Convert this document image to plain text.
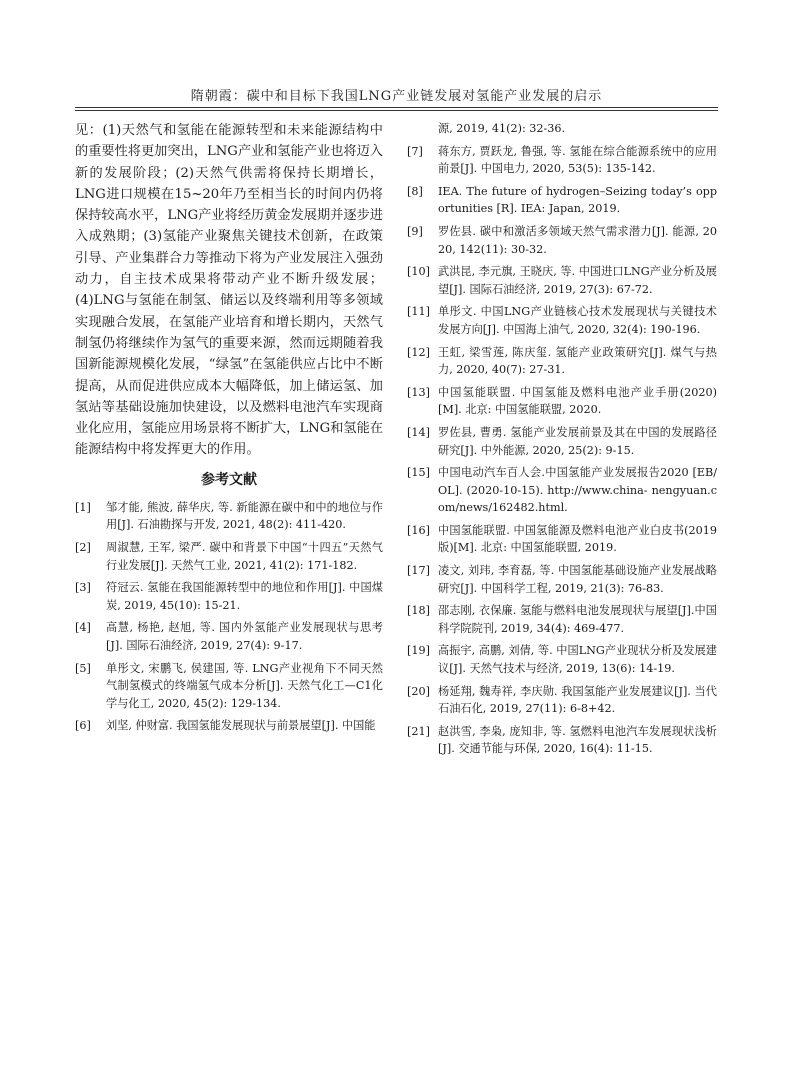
隋朝霞：碳中和目标下我国LNG产业链发展对氢能产业发展的启示

见：(1)天然气和氢能在能源转型和未来能源结构中的重要性将更加突出，LNG产业和氢能产业也将迈入新的发展阶段；(2)天然气供需将保持长期增长，LNG进口规模在15~20年乃至相当长的时间内仍将保持较高水平，LNG产业将经历黄金发展期并逐步进入成熟期；(3)氢能产业聚焦关键技术创新，在政策引导、产业集群合力等推动下将为产业发展注入强劲动力，自主技术成果将带动产业不断升级发展；(4)LNG与氢能在制氢、储运以及终端利用等多领域实现融合发展，在氢能产业培育和增长期内，天然气制氢仍将继续作为氢气的重要来源，然而远期随着我国新能源规模化发展，“绿氢”在氢能供应占比中不断提高，从而促进供应成本大幅降低，加上储运氢、加氢站等基础设施加快建设，以及燃料电池汽车实现商业化应用，氢能应用场景将不断扩大，LNG和氢能在能源结构中将发挥更大的作用。

参考文献
[1] 邹才能, 熊波, 薛华庆, 等. 新能源在碳中和中的地位与作用[J]. 石油勘探与开发, 2021, 48(2): 411-420.
[2] 周淑慧, 王军, 梁严. 碳中和背景下中国“十四五”天然气行业发展[J]. 天然气工业, 2021, 41(2): 171-182.
[3] 符冠云. 氢能在我国能源转型中的地位和作用[J]. 中国煤炭, 2019, 45(10): 15-21.
[4] 高慧, 杨艳, 赵旭, 等. 国内外氢能产业发展现状与思考[J]. 国际石油经济, 2019, 27(4): 9-17.
[5] 单彤文, 宋鹏飞, 侯建国, 等. LNG产业视角下不同天然气制氢模式的终端氢气成本分析[J]. 天然气化工—C1化学与化工, 2020, 45(2): 129-134.
[6] 刘坚, 仲财富. 我国氢能发展现状与前景展望[J]. 中国能
源, 2019, 41(2): 32-36.
[7] 蒋东方, 贾跃龙, 鲁强, 等. 氢能在综合能源系统中的应用前景[J]. 中国电力, 2020, 53(5): 135-142.
[8] IEA. The future of hydrogen–Seizing today’s opportunities [R]. IEA: Japan, 2019.
[9] 罗佐县. 碳中和激活多领域天然气需求潜力[J]. 能源, 2020, 142(11): 30-32.
[10] 武洪昆, 李元旗, 王晓庆, 等. 中国进口LNG产业分析及展望[J]. 国际石油经济, 2019, 27(3): 67-72.
[11] 单彤文. 中国LNG产业链核心技术发展现状与关键技术发展方向[J]. 中国海上油气, 2020, 32(4): 190-196.
[12] 王虹, 梁雪莲, 陈庆玺. 氢能产业政策研究[J]. 煤气与热力, 2020, 40(7): 27-31.
[13] 中国氢能联盟. 中国氢能及燃料电池产业手册(2020)[M]. 北京: 中国氢能联盟, 2020.
[14] 罗佐县, 曹勇. 氢能产业发展前景及其在中国的发展路径研究[J]. 中外能源, 2020, 25(2): 9-15.
[15] 中国电动汽车百人会.中国氢能产业发展报告2020 [EB/OL]. (2020-10-15). http://www.china- nengyuan.com/news/162482.html.
[16] 中国氢能联盟. 中国氢能源及燃料电池产业白皮书(2019版)[M]. 北京: 中国氢能联盟, 2019.
[17] 凌文, 刘玮, 李育磊, 等. 中国氢能基础设施产业发展战略研究[J]. 中国科学工程, 2019, 21(3): 76-83.
[18] 邵志刚, 衣保廉. 氢能与燃料电池发展现状与展望[J].中国科学院院刊, 2019, 34(4): 469-477.
[19] 高振宇, 高鹏, 刘倩, 等. 中国LNG产业现状分析及发展建议[J]. 天然气技术与经济, 2019, 13(6): 14-19.
[20] 杨延翔, 魏寿祥, 李庆勋. 我国氢能产业发展建议[J]. 当代石油石化, 2019, 27(11): 6-8+42.
[21] 赵洪雪, 李枭, 庞知非, 等. 氢燃料电池汽车发展现状浅析[J]. 交通节能与环保, 2020, 16(4): 11-15.
